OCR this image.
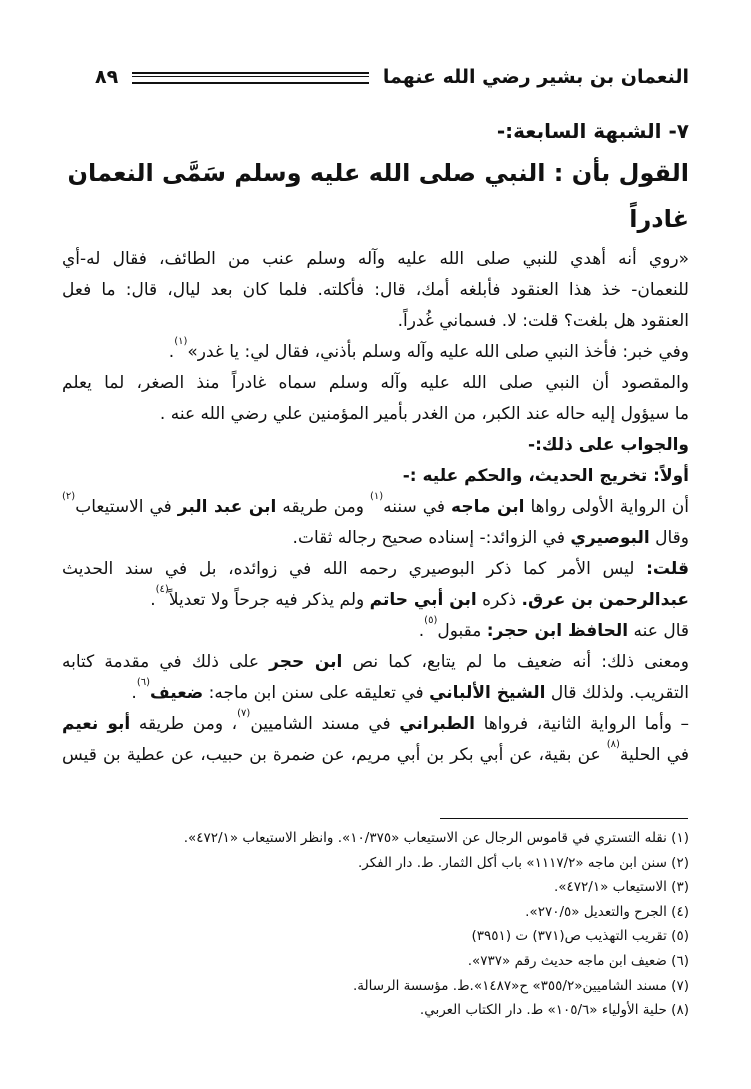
النعمان بن بشير رضي الله عنهما
٨٩

٧- الشبهة السابعة:-

القول بأن : النبي صلى الله عليه وسلم سَمَّى النعمان غادراً

«روي أنه أهدي للنبي صلى الله عليه وآله وسلم عنب من الطائف، فقال له-أي

للنعمان- خذ هذا العنقود فأبلغه أمك، قال: فأكلته. فلما كان بعد ليال، قال: ما فعل

العنقود هل بلغت؟ قلت: لا. فسماني غُدراً.

وفي خبر: فأخذ النبي صلى الله عليه وآله وسلم بأذني، فقال لي: يا غدر»$^{(١)}$.

والمقصود أن النبي صلى الله عليه وآله وسلم سماه غادراً منذ الصغر، لما يعلم

ما سيؤول إليه حاله عند الكبر، من الغدر بأمير المؤمنين علي رضي الله عنه .

والجواب على ذلك:-

أولاً: تخريج الحديث، والحكم عليه :-

أن الرواية الأولى رواها ابن ماجه في سننه$^{(١)}$ ومن طريقه ابن عبد البر في الاستيعاب$^{(٢)}$

وقال البوصيري في الزوائد:- إسناده صحيح رجاله ثقات.

قلت: ليس الأمر كما ذكر البوصيري رحمه الله في زوائده، بل في سند الحديث

عبدالرحمن بن عرق. ذكره ابن أبي حاتم ولم يذكر فيه جرحاً ولا تعديلاً$^{(٤)}$.

قال عنه الحافظ ابن حجر: مقبول$^{(٥)}$.

ومعنى ذلك: أنه ضعيف ما لم يتابع، كما نص ابن حجر على ذلك في مقدمة كتابه

التقريب. ولذلك قال الشيخ الألباني في تعليقه على سنن ابن ماجه: ضعيف$^{(٦)}$.

– وأما الرواية الثانية، فرواها الطبراني في مسند الشاميين$^{(٧)}$، ومن طريقه أبو نعيم

في الحلية$^{(٨)}$ عن بقية، عن أبي بكر بن أبي مريم، عن ضمرة بن حبيب، عن عطية بن قيس

(١) نقله التستري في قاموس الرجال عن الاستيعاب «١٠/٣٧٥». وانظر الاستيعاب «٤٧٢/١».

(٢) سنن ابن ماجه «١١١٧/٢» باب أكل الثمار. ط. دار الفكر.

(٣) الاستيعاب «٤٧٢/١».

(٤) الجرح والتعديل «٢٧٠/٥».

(٥) تقريب التهذيب ص(٣٧١) ت (٣٩٥١)

(٦) ضعيف ابن ماجه حديث رقم «٧٣٧».

(٧) مسند الشاميين«٣٥٥/٢» ح«١٤٨٧».ط. مؤسسة الرسالة.

(٨) حلية الأولياء «١٠٥/٦» ط. دار الكتاب العربي.
